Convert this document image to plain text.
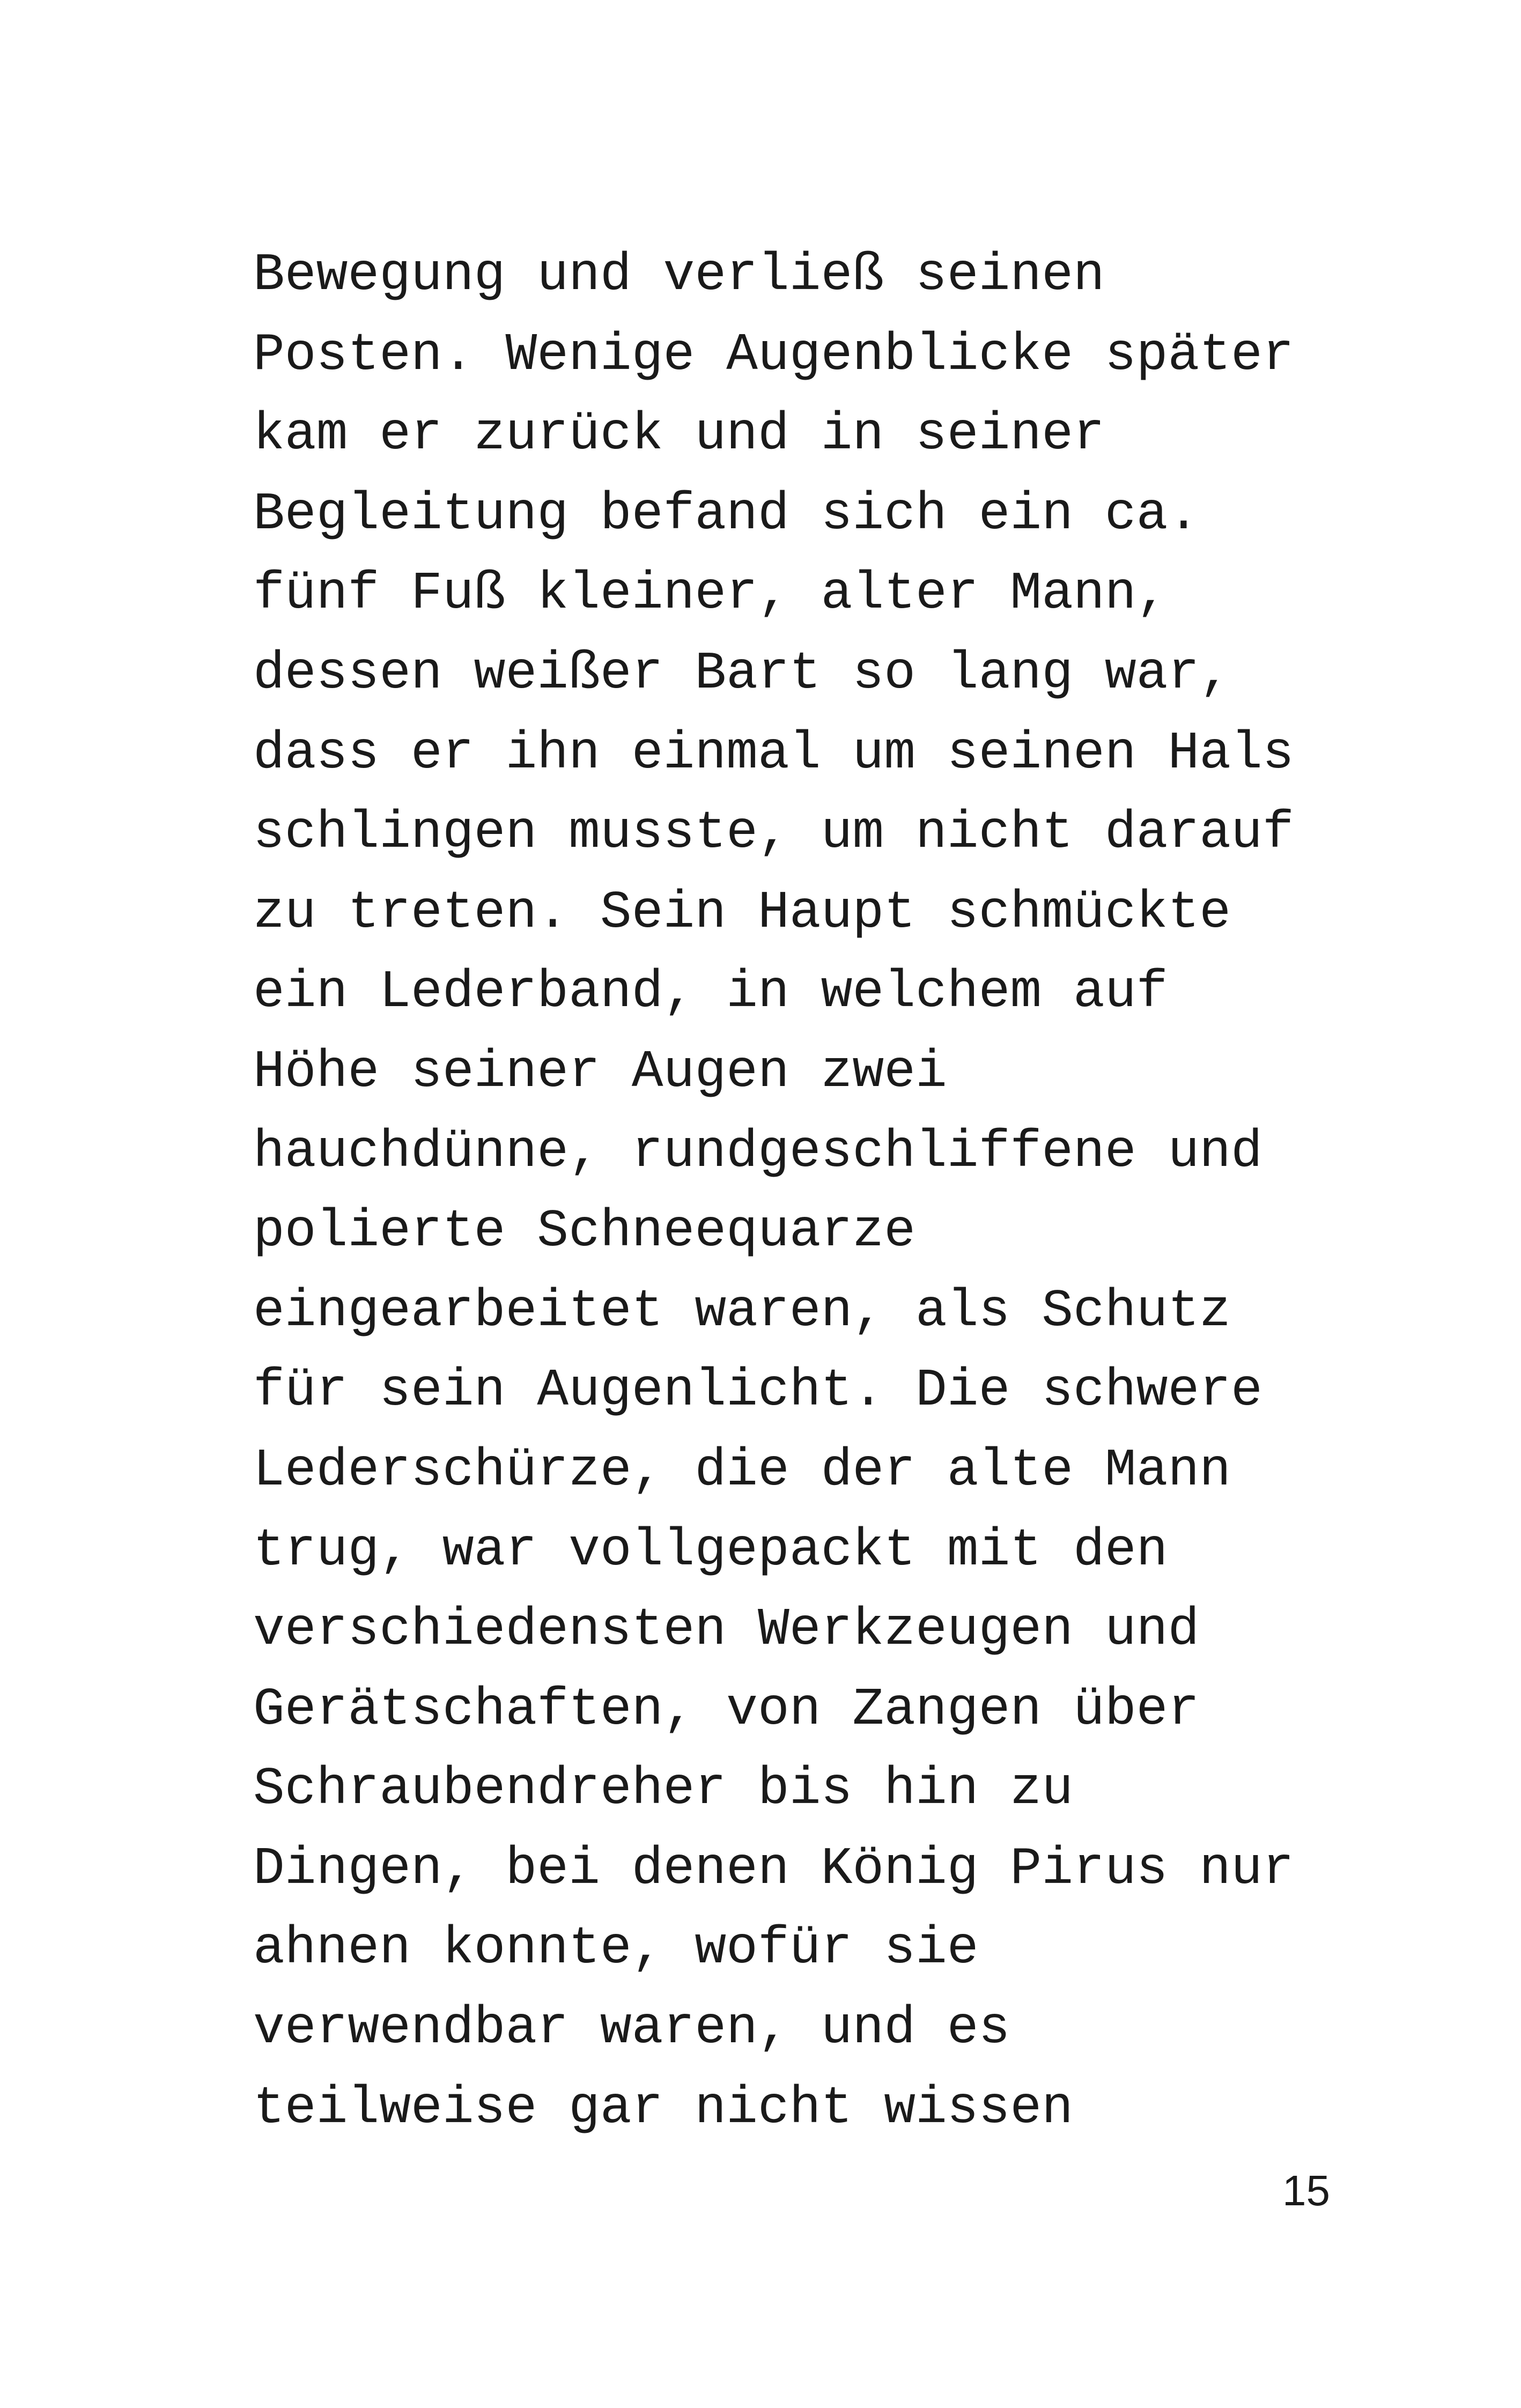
Bewegung und verließ seinen
Posten. Wenige Augenblicke später
kam er zurück und in seiner
Begleitung befand sich ein ca.
fünf Fuß kleiner, alter Mann,
dessen weißer Bart so lang war,
dass er ihn einmal um seinen Hals
schlingen musste, um nicht darauf
zu treten. Sein Haupt schmückte
ein Lederband, in welchem auf
Höhe seiner Augen zwei
hauchdünne, rundgeschliffene und
polierte Schneequarze
eingearbeitet waren, als Schutz
für sein Augenlicht. Die schwere
Lederschürze, die der alte Mann
trug, war vollgepackt mit den
verschiedensten Werkzeugen und
Gerätschaften, von Zangen über
Schraubendreher bis hin zu
Dingen, bei denen König Pirus nur
ahnen konnte, wofür sie
verwendbar waren, und es
teilweise gar nicht wissen
15
